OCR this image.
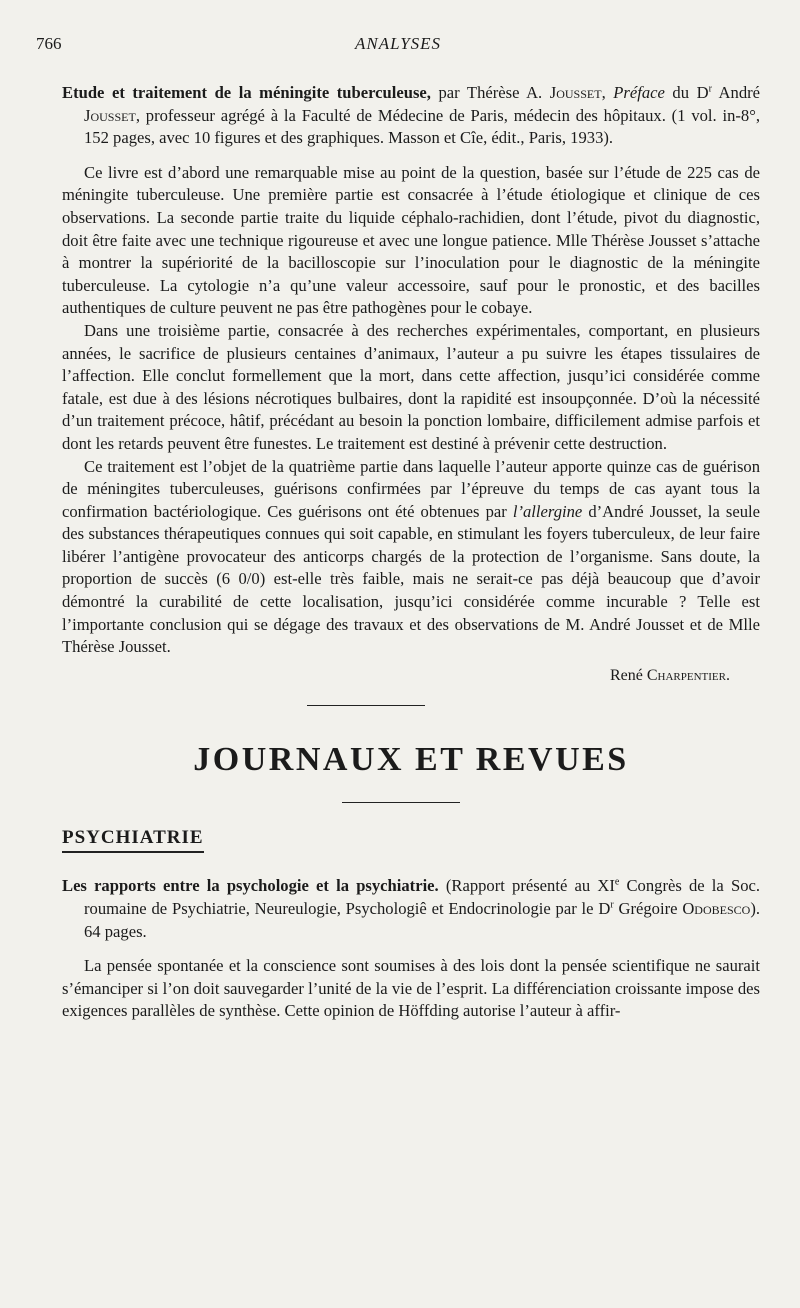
766	ANALYSES

Etude et traitement de la méningite tuberculeuse, par Thérèse A. Jousset, Préface du $D^r$ André Jousset, professeur agrégé à la Faculté de Médecine de Paris, médecin des hôpitaux. (1 vol. in-8°, 152 pages, avec 10 figures et des graphiques. Masson et Cîe, édit., Paris, 1933).

Ce livre est d’abord une remarquable mise au point de la question, basée sur l’étude de 225 cas de méningite tuberculeuse. Une première partie est consacrée à l’étude étiologique et clinique de ces observations. La seconde partie traite du liquide céphalo-rachidien, dont l’étude, pivot du diagnostic, doit être faite avec une technique rigoureuse et avec une longue patience. Mlle Thérèse Jousset s’attache à montrer la supériorité de la bacilloscopie sur l’inoculation pour le diagnostic de la méningite tuberculeuse. La cytologie n’a qu’une valeur accessoire, sauf pour le pronostic, et des bacilles authentiques de culture peuvent ne pas être pathogènes pour le cobaye.

Dans une troisième partie, consacrée à des recherches expérimentales, comportant, en plusieurs années, le sacrifice de plusieurs centaines d’animaux, l’auteur a pu suivre les étapes tissulaires de l’affection. Elle conclut formellement que la mort, dans cette affection, jusqu’ici considérée comme fatale, est due à des lésions nécrotiques bulbaires, dont la rapidité est insoupçonnée. D’où la nécessité d’un traitement précoce, hâtif, précédant au besoin la ponction lombaire, difficilement admise parfois et dont les retards peuvent être funestes. Le traitement est destiné à prévenir cette destruction.

Ce traitement est l’objet de la quatrième partie dans laquelle l’auteur apporte quinze cas de guérison de méningites tuberculeuses, guérisons confirmées par l’épreuve du temps de cas ayant tous la confirmation bactériologique. Ces guérisons ont été obtenues par l’allergine d’André Jousset, la seule des substances thérapeutiques connues qui soit capable, en stimulant les foyers tuberculeux, de leur faire libérer l’antigène provocateur des anticorps chargés de la protection de l’organisme. Sans doute, la proportion de succès (6 0/0) est-elle très faible, mais ne serait-ce pas déjà beaucoup que d’avoir démontré la curabilité de cette localisation, jusqu’ici considérée comme incurable ? Telle est l’importante conclusion qui se dégage des travaux et des observations de M. André Jousset et de Mlle Thérèse Jousset.

René Charpentier.

JOURNAUX ET REVUES
PSYCHIATRIE

Les rapports entre la psychologie et la psychiatrie. (Rapport présenté au XIe Congrès de la Soc. roumaine de Psychiatrie, Neureulogie, Psychologiê et Endocrinologie par le $D^r$ Grégoire Odobesco). 64 pages.

La pensée spontanée et la conscience sont soumises à des lois dont la pensée scientifique ne saurait s’émanciper si l’on doit sauvegarder l’unité de la vie de l’esprit. La différenciation croissante impose des exigences parallèles de synthèse. Cette opinion de Höffding autorise l’auteur à affir-
